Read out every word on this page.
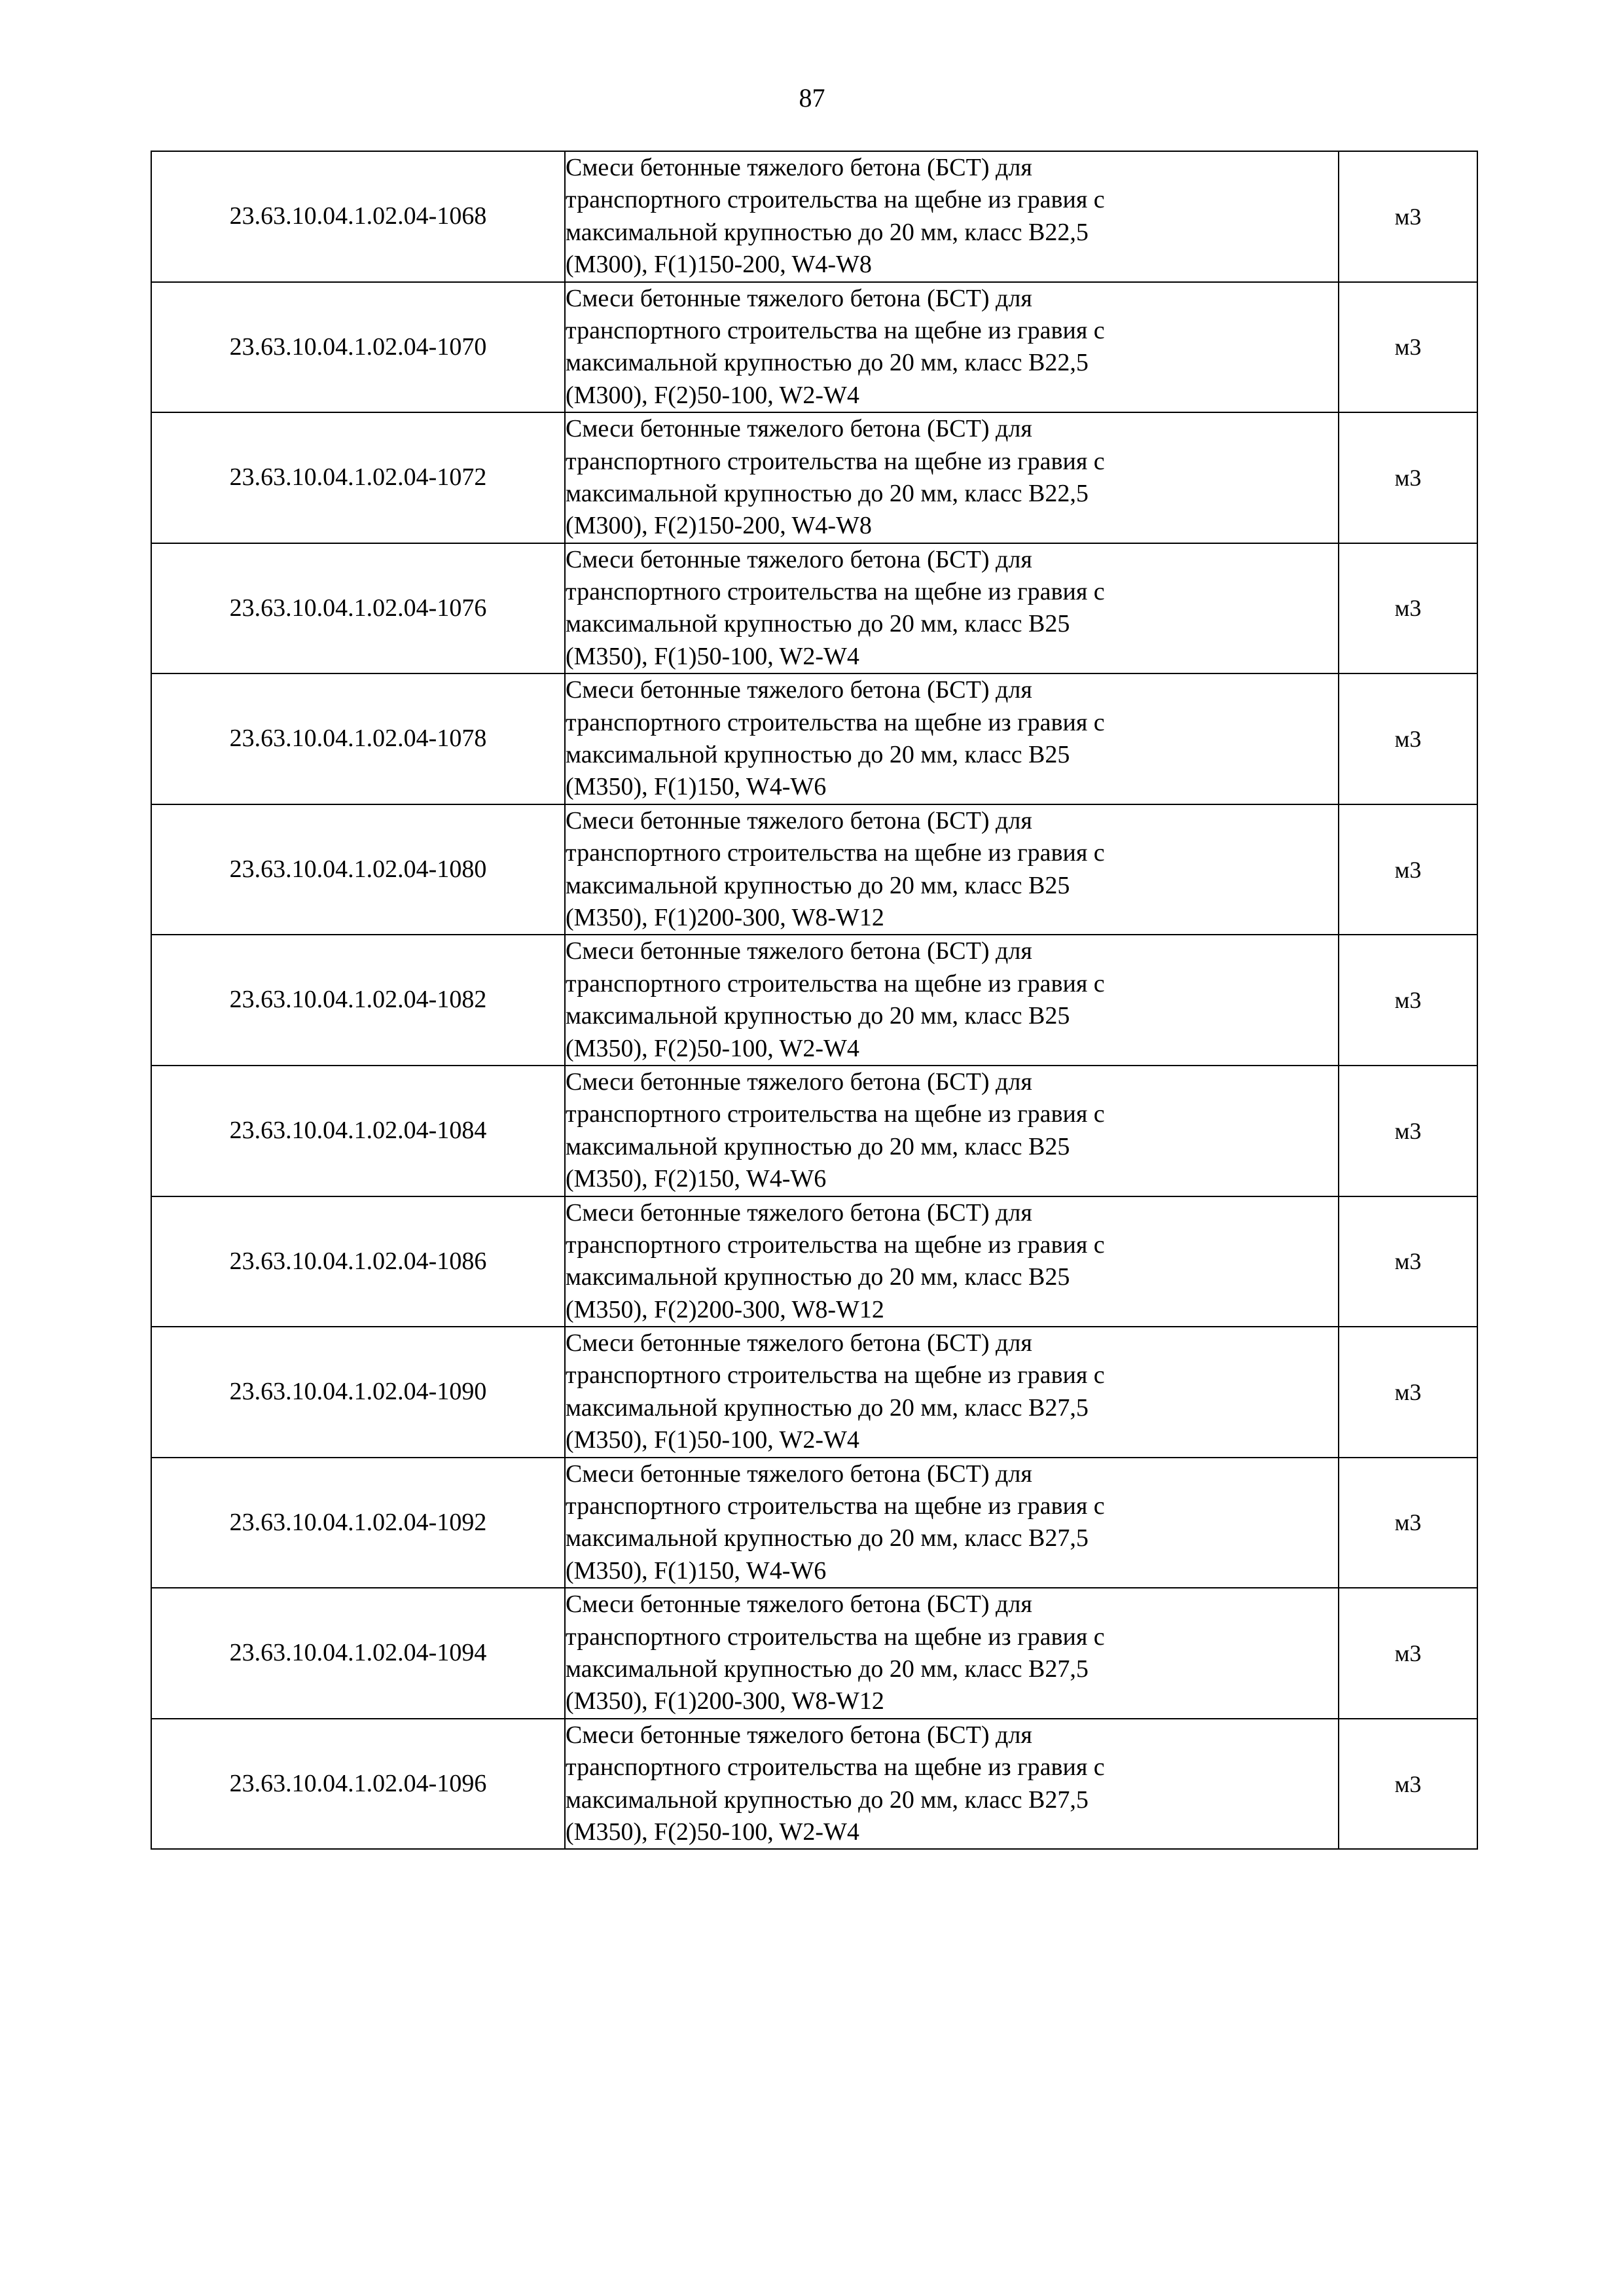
87
23.63.10.04.1.02.04-1068	Смеси бетонные тяжелого бетона (БСТ) для
транспортного строительства на щебне из гравия с
максимальной крупностью до 20 мм, класс В22,5
(М300), F(1)150-200, W4-W8	м3
23.63.10.04.1.02.04-1070	Смеси бетонные тяжелого бетона (БСТ) для
транспортного строительства на щебне из гравия с
максимальной крупностью до 20 мм, класс В22,5
(М300), F(2)50-100, W2-W4	м3
23.63.10.04.1.02.04-1072	Смеси бетонные тяжелого бетона (БСТ) для
транспортного строительства на щебне из гравия с
максимальной крупностью до 20 мм, класс В22,5
(М300), F(2)150-200, W4-W8	м3
23.63.10.04.1.02.04-1076	Смеси бетонные тяжелого бетона (БСТ) для
транспортного строительства на щебне из гравия с
максимальной крупностью до 20 мм, класс В25
(М350), F(1)50-100, W2-W4	м3
23.63.10.04.1.02.04-1078	Смеси бетонные тяжелого бетона (БСТ) для
транспортного строительства на щебне из гравия с
максимальной крупностью до 20 мм, класс В25
(М350), F(1)150, W4-W6	м3
23.63.10.04.1.02.04-1080	Смеси бетонные тяжелого бетона (БСТ) для
транспортного строительства на щебне из гравия с
максимальной крупностью до 20 мм, класс В25
(М350), F(1)200-300, W8-W12	м3
23.63.10.04.1.02.04-1082	Смеси бетонные тяжелого бетона (БСТ) для
транспортного строительства на щебне из гравия с
максимальной крупностью до 20 мм, класс В25
(М350), F(2)50-100, W2-W4	м3
23.63.10.04.1.02.04-1084	Смеси бетонные тяжелого бетона (БСТ) для
транспортного строительства на щебне из гравия с
максимальной крупностью до 20 мм, класс В25
(М350), F(2)150, W4-W6	м3
23.63.10.04.1.02.04-1086	Смеси бетонные тяжелого бетона (БСТ) для
транспортного строительства на щебне из гравия с
максимальной крупностью до 20 мм, класс В25
(М350), F(2)200-300, W8-W12	м3
23.63.10.04.1.02.04-1090	Смеси бетонные тяжелого бетона (БСТ) для
транспортного строительства на щебне из гравия с
максимальной крупностью до 20 мм, класс В27,5
(М350), F(1)50-100, W2-W4	м3
23.63.10.04.1.02.04-1092	Смеси бетонные тяжелого бетона (БСТ) для
транспортного строительства на щебне из гравия с
максимальной крупностью до 20 мм, класс В27,5
(М350), F(1)150, W4-W6	м3
23.63.10.04.1.02.04-1094	Смеси бетонные тяжелого бетона (БСТ) для
транспортного строительства на щебне из гравия с
максимальной крупностью до 20 мм, класс В27,5
(М350), F(1)200-300, W8-W12	м3
23.63.10.04.1.02.04-1096	Смеси бетонные тяжелого бетона (БСТ) для
транспортного строительства на щебне из гравия с
максимальной крупностью до 20 мм, класс В27,5
(М350), F(2)50-100, W2-W4	м3
